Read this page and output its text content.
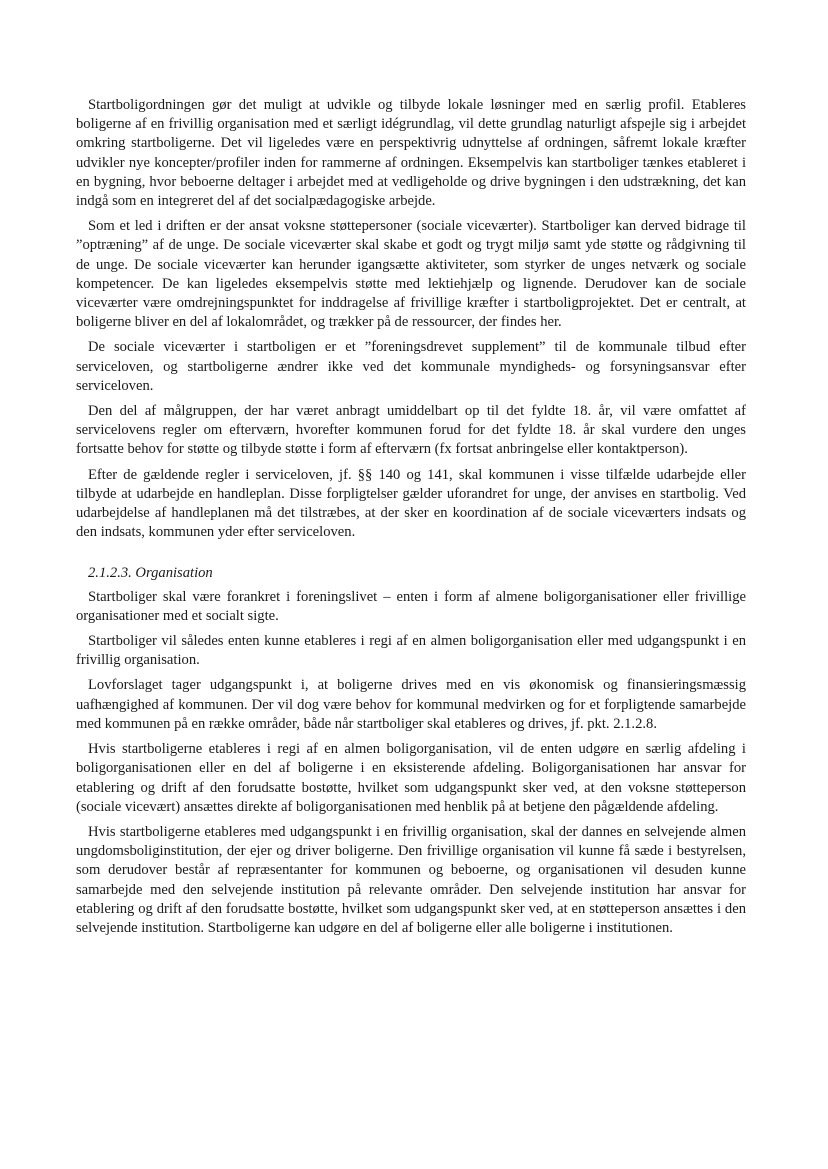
Startboligordningen gør det muligt at udvikle og tilbyde lokale løsninger med en særlig profil. Etableres boligerne af en frivillig organisation med et særligt idégrundlag, vil dette grundlag naturligt afspejle sig i arbejdet omkring startboligerne. Det vil ligeledes være en perspektivrig udnyttelse af ordningen, såfremt lokale kræfter udvikler nye koncepter/profiler inden for rammerne af ordningen. Eksempelvis kan startboliger tænkes etableret i en bygning, hvor beboerne deltager i arbejdet med at vedligeholde og drive bygningen i den udstrækning, det kan indgå som en integreret del af det socialpædagogiske arbejde.

Som et led i driften er der ansat voksne støttepersoner (sociale viceværter). Startboliger kan derved bidrage til ”optræning” af de unge. De sociale viceværter skal skabe et godt og trygt miljø samt yde støtte og rådgivning til de unge. De sociale viceværter kan herunder igangsætte aktiviteter, som styrker de unges netværk og sociale kompetencer. De kan ligeledes eksempelvis støtte med lektiehjælp og lignende. Derudover kan de sociale viceværter være omdrejningspunktet for inddragelse af frivillige kræfter i startboligprojektet. Det er centralt, at boligerne bliver en del af lokalområdet, og trækker på de ressourcer, der findes her.

De sociale viceværter i startboligen er et ”foreningsdrevet supplement” til de kommunale tilbud efter serviceloven, og startboligerne ændrer ikke ved det kommunale myndigheds- og forsyningsansvar efter serviceloven.

Den del af målgruppen, der har været anbragt umiddelbart op til det fyldte 18. år, vil være omfattet af servicelovens regler om efterværn, hvorefter kommunen forud for det fyldte 18. år skal vurdere den unges fortsatte behov for støtte og tilbyde støtte i form af efterværn (fx fortsat anbringelse eller kontaktperson).

Efter de gældende regler i serviceloven, jf. §§ 140 og 141, skal kommunen i visse tilfælde udarbejde eller tilbyde at udarbejde en handleplan. Disse forpligtelser gælder uforandret for unge, der anvises en startbolig. Ved udarbejdelse af handleplanen må det tilstræbes, at der sker en koordination af de sociale viceværters indsats og den indsats, kommunen yder efter serviceloven.

2.1.2.3. Organisation

Startboliger skal være forankret i foreningslivet – enten i form af almene boligorganisationer eller frivillige organisationer med et socialt sigte.

Startboliger vil således enten kunne etableres i regi af en almen boligorganisation eller med udgangspunkt i en frivillig organisation.

Lovforslaget tager udgangspunkt i, at boligerne drives med en vis økonomisk og finansieringsmæssig uafhængighed af kommunen. Der vil dog være behov for kommunal medvirken og for et forpligtende samarbejde med kommunen på en række områder, både når startboliger skal etableres og drives, jf. pkt. 2.1.2.8.

Hvis startboligerne etableres i regi af en almen boligorganisation, vil de enten udgøre en særlig afdeling i boligorganisationen eller en del af boligerne i en eksisterende afdeling. Boligorganisationen har ansvar for etablering og drift af den forudsatte bostøtte, hvilket som udgangspunkt sker ved, at den voksne støtteperson (sociale vicevært) ansættes direkte af boligorganisationen med henblik på at betjene den pågældende afdeling.

Hvis startboligerne etableres med udgangspunkt i en frivillig organisation, skal der dannes en selvejende almen ungdomsboliginstitution, der ejer og driver boligerne. Den frivillige organisation vil kunne få sæde i bestyrelsen, som derudover består af repræsentanter for kommunen og beboerne, og organisationen vil desuden kunne samarbejde med den selvejende institution på relevante områder. Den selvejende institution har ansvar for etablering og drift af den forudsatte bostøtte, hvilket som udgangspunkt sker ved, at en støtteperson ansættes i den selvejende institution. Startboligerne kan udgøre en del af boligerne eller alle boligerne i institutionen.
